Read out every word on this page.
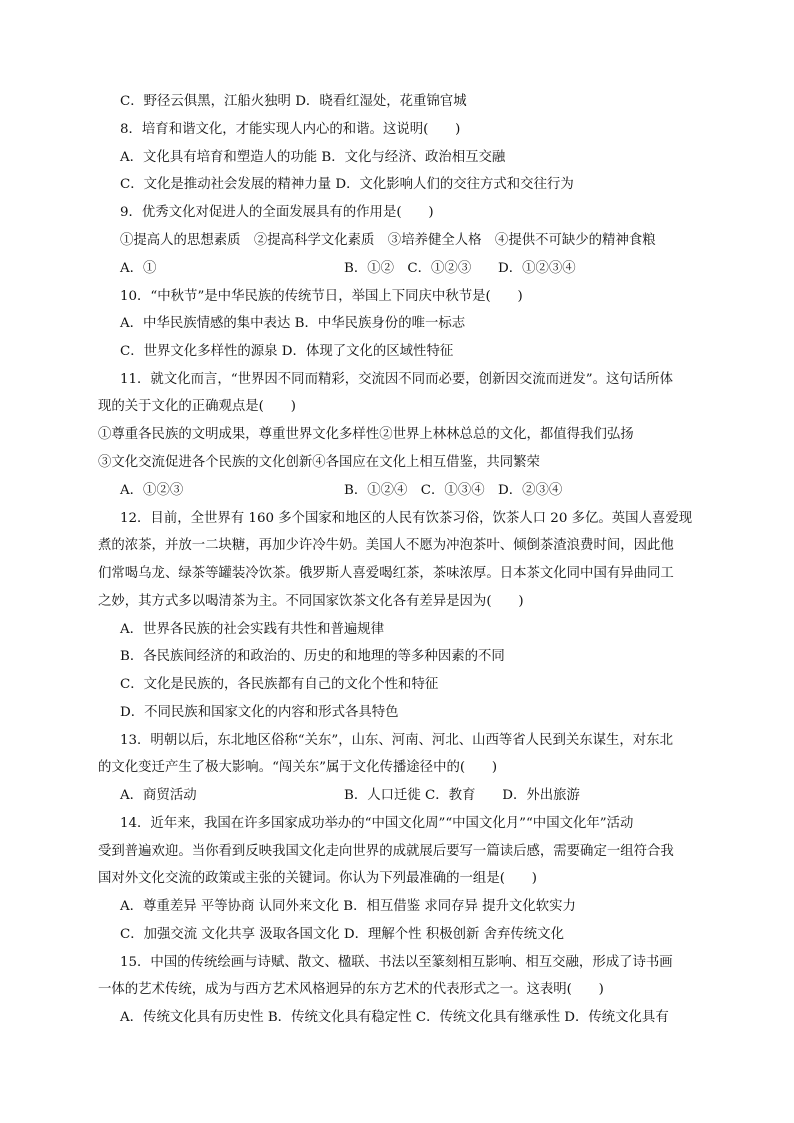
C．野径云俱黑，江船火独明 D．晓看红湿处，花重锦官城
8．培育和谐文化，才能实现人内心的和谐。这说明(　　)
A．文化具有培育和塑造人的功能 B．文化与经济、政治相互交融
C．文化是推动社会发展的精神力量 D．文化影响人们的交往方式和交往行为
9．优秀文化对促进人的全面发展具有的作用是(　　)
①提高人的思想素质　②提高科学文化素质　③培养健全人格　④提供不可缺少的精神食粮
A．①	B．①②　C．①②③　　D．①②③④
10．“中秋节”是中华民族的传统节日，举国上下同庆中秋节是(　　)
A．中华民族情感的集中表达 B．中华民族身份的唯一标志
C．世界文化多样性的源泉 D．体现了文化的区域性特征
11．就文化而言，“世界因不同而精彩，交流因不同而必要，创新因交流而迸发”。这句话所体
现的关于文化的正确观点是(　　)
①尊重各民族的文明成果，尊重世界文化多样性②世界上林林总总的文化，都值得我们弘扬
③文化交流促进各个民族的文化创新④各国应在文化上相互借鉴，共同繁荣
A．①②③	B．①②④　C．①③④　D．②③④
12．目前，全世界有 160 多个国家和地区的人民有饮茶习俗，饮茶人口 20 多亿。英国人喜爱现
煮的浓茶，并放一二块糖，再加少许冷牛奶。美国人不愿为冲泡茶叶、倾倒茶渣浪费时间，因此他
们常喝乌龙、绿茶等罐装冷饮茶。俄罗斯人喜爱喝红茶，茶味浓厚。日本茶文化同中国有异曲同工
之妙，其方式多以喝清茶为主。不同国家饮茶文化各有差异是因为(　　)
A．世界各民族的社会实践有共性和普遍规律
B．各民族间经济的和政治的、历史的和地理的等多种因素的不同
C．文化是民族的，各民族都有自己的文化个性和特征
D．不同民族和国家文化的内容和形式各具特色
13．明朝以后，东北地区俗称“关东”，山东、河南、河北、山西等省人民到关东谋生，对东北
的文化变迁产生了极大影响。“闯关东”属于文化传播途径中的(　　)
A．商贸活动	B．人口迁徙 C．教育　　D．外出旅游
14．近年来，我国在许多国家成功举办的“中国文化周”“中国文化月”“中国文化年”活动
受到普遍欢迎。当你看到反映我国文化走向世界的成就展后要写一篇读后感，需要确定一组符合我
国对外文化交流的政策或主张的关键词。你认为下列最准确的一组是(　　)
A．尊重差异 平等协商 认同外来文化 B．相互借鉴 求同存异 提升文化软实力
C．加强交流 文化共享 汲取各国文化 D．理解个性 积极创新 舍弃传统文化
15．中国的传统绘画与诗赋、散文、楹联、书法以至篆刻相互影响、相互交融，形成了诗书画
一体的艺术传统，成为与西方艺术风格迥异的东方艺术的代表形式之一。这表明(　　)
A．传统文化具有历史性 B．传统文化具有稳定性 C．传统文化具有继承性 D．传统文化具有
